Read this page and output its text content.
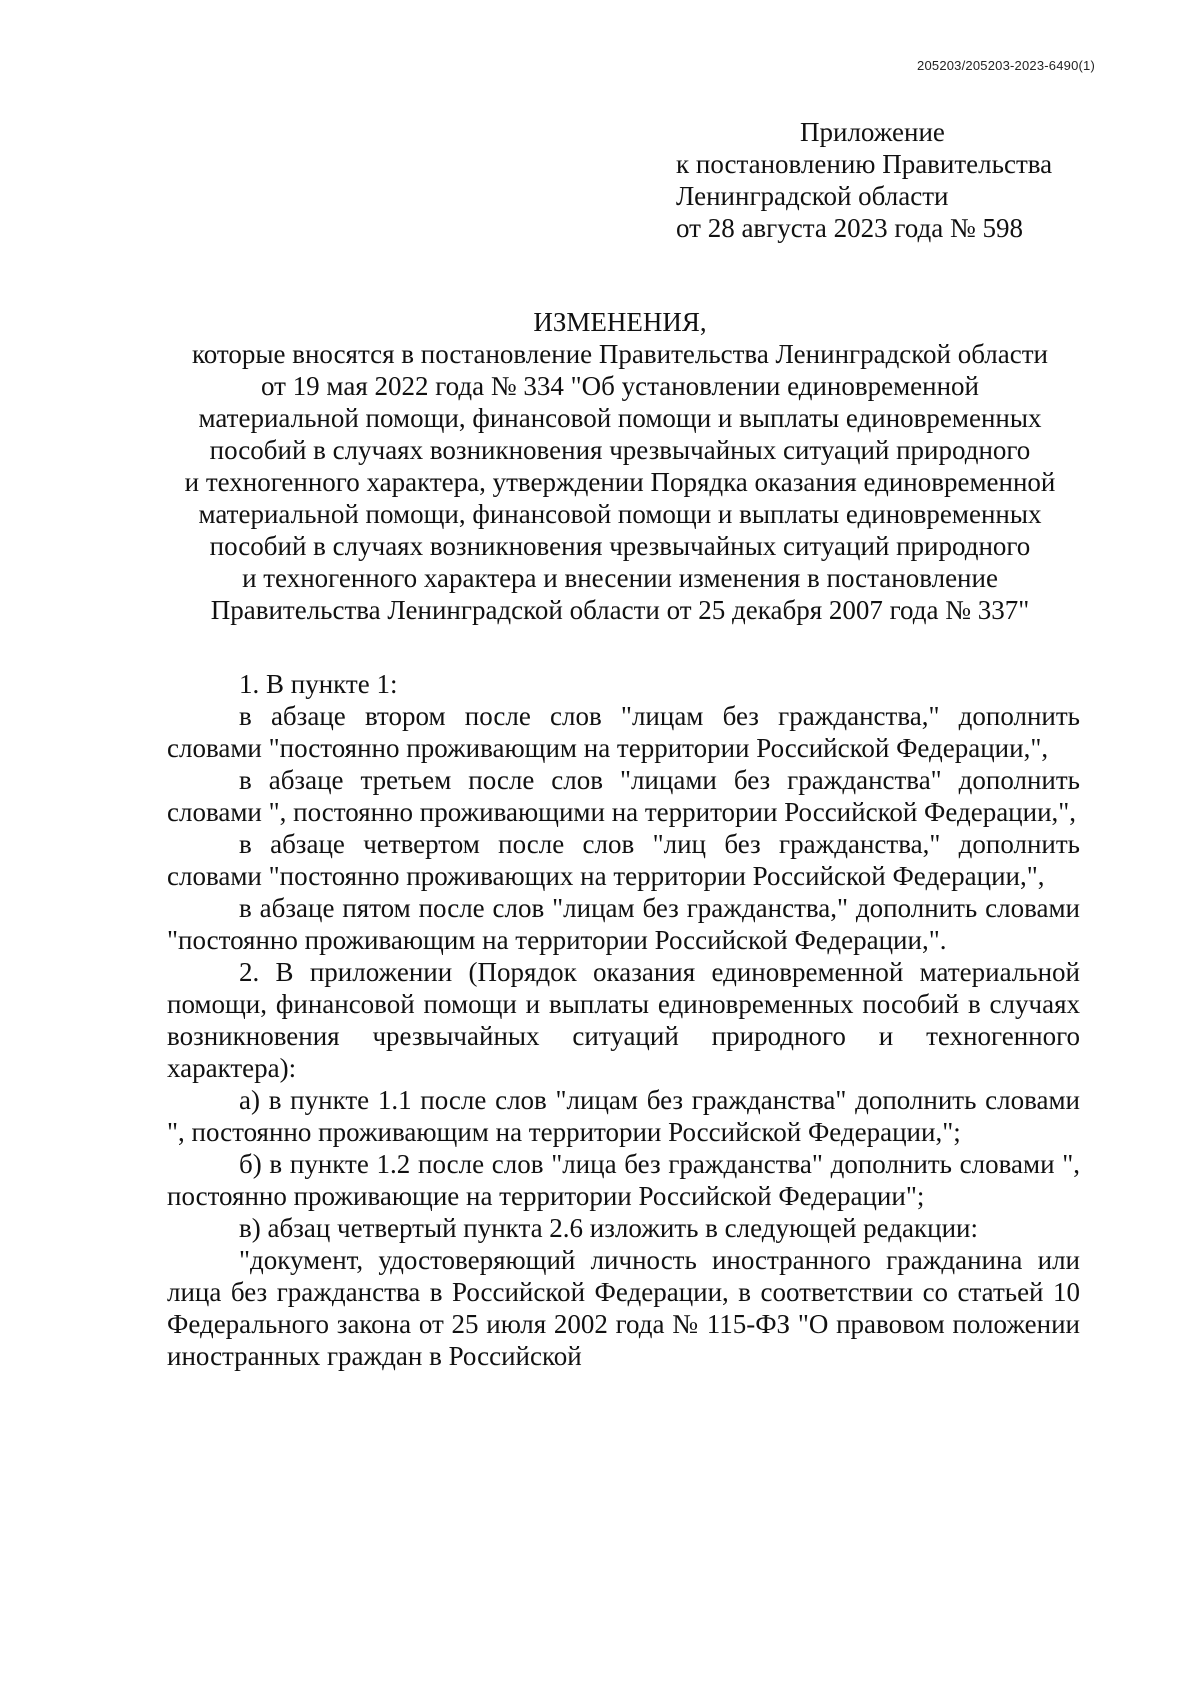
205203/205203-2023-6490(1)
Приложение
к постановлению Правительства
Ленинградской области
от 28 августа 2023 года № 598
ИЗМЕНЕНИЯ,
которые вносятся в постановление Правительства Ленинградской области
от 19 мая 2022 года № 334 "Об установлении единовременной
материальной помощи, финансовой помощи и выплаты единовременных
пособий в случаях возникновения чрезвычайных ситуаций природного
и техногенного характера, утверждении Порядка оказания единовременной
материальной помощи, финансовой помощи и выплаты единовременных
пособий в случаях возникновения чрезвычайных ситуаций природного
и техногенного характера и внесении изменения в постановление
Правительства Ленинградской области от 25 декабря 2007 года № 337"

1. В пункте 1:

в абзаце втором после слов "лицам без гражданства," дополнить словами "постоянно проживающим на территории Российской Федерации,",

в абзаце третьем после слов "лицами без гражданства" дополнить словами ", постоянно проживающими на территории Российской Федерации,",

в абзаце четвертом после слов "лиц без гражданства," дополнить словами "постоянно проживающих на территории Российской Федерации,",

в абзаце пятом после слов "лицам без гражданства," дополнить словами "постоянно проживающим на территории Российской Федерации,".

2. В приложении (Порядок оказания единовременной материальной помощи, финансовой помощи и выплаты единовременных пособий в случаях возникновения чрезвычайных ситуаций природного и техногенного характера):

а) в пункте 1.1 после слов "лицам без гражданства" дополнить словами ", постоянно проживающим на территории Российской Федерации,";

б) в пункте 1.2 после слов "лица без гражданства" дополнить словами ", постоянно проживающие на территории Российской Федерации";

в) абзац четвертый пункта 2.6 изложить в следующей редакции:

"документ, удостоверяющий личность иностранного гражданина или лица без гражданства в Российской Федерации, в соответствии со статьей 10 Федерального закона от 25 июля 2002 года № 115-ФЗ "О правовом положении иностранных граждан в Российской
